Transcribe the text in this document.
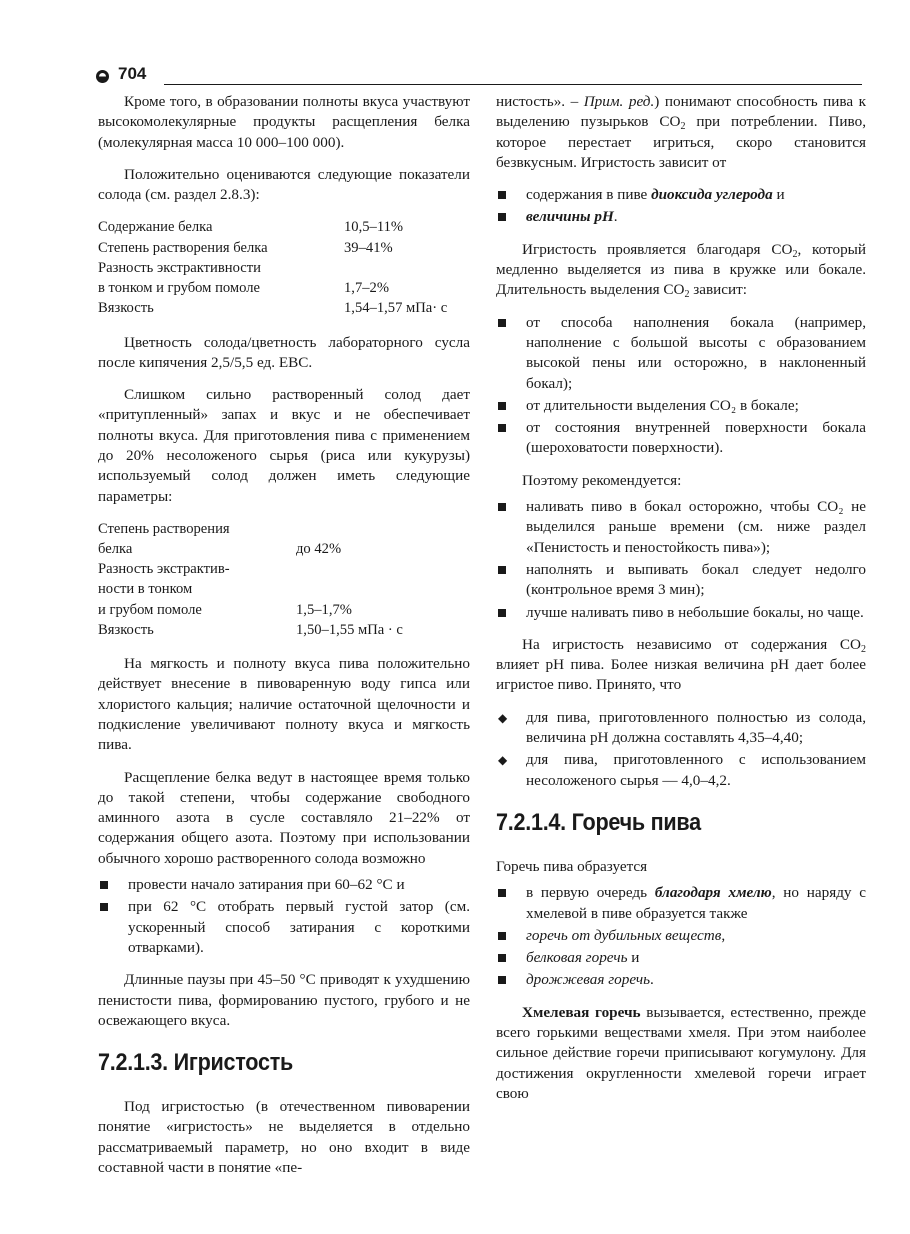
704

Кроме того, в образовании полноты вкуса участвуют высокомолекулярные продукты расщепления белка (молекулярная масса 10 000–100 000).

Положительно оцениваются следующие показатели солода (см. раздел 2.8.3):

Содержание белка	10,5–11%
Степень растворения белка	39–41%
Разность экстрактивности	
в тонком и грубом помоле	1,7–2%
Вязкость	1,54–1,57 мПа· с

Цветность солода/цветность лабораторного сусла после кипячения 2,5/5,5 ед. EBC.

Слишком сильно растворенный солод дает «притупленный» запах и вкус и не обеспечивает полноты вкуса. Для приготовления пива с применением до 20% несоложеного сырья (риса или кукурузы) используемый солод должен иметь следующие параметры:

Степень растворения	
белка	до 42%
Разность экстрактив-	
ности в тонком	
и грубом помоле	1,5–1,7%
Вязкость	1,50–1,55 мПа · с

На мягкость и полноту вкуса пива положительно действует внесение в пивоваренную воду гипса или хлористого кальция; наличие остаточной щелочности и подкисление увеличивают полноту вкуса и мягкость пива.

Расщепление белка ведут в настоящее время только до такой степени, чтобы содержание свободного аминного азота в сусле составляло 21–22% от содержания общего азота. Поэтому при использовании обычного хорошо растворенного солода возможно

провести начало затирания при 60–62 °C и
при 62 °C отобрать первый густой затор (см. ускоренный способ затирания с короткими отварками).

Длинные паузы при 45–50 °C приводят к ухудшению пенистости пива, формированию пустого, грубого и не освежающего вкуса.

7.2.1.3. Игристость

Под игристостью (в отечественном пивоварении понятие «игристость» не выделяется в отдельно рассматриваемый параметр, но оно входит в виде составной части в понятие «пе-

нистость». – Прим. ред.) понимают способность пива к выделению пузырьков $CO_2$ при потреблении. Пиво, которое перестает игриться, скоро становится безвкусным. Игристость зависит от

содержания в пиве диоксида углерода и
величины pH.

Игристость проявляется благодаря $CO_2$, который медленно выделяется из пива в кружке или бокале. Длительность выделения $CO_2$ зависит:

от способа наполнения бокала (например, наполнение с большой высоты с образованием высокой пены или осторожно, в наклоненный бокал);
от длительности выделения CO₂ в бокале;
от состояния внутренней поверхности бокала (шероховатости поверхности).

Поэтому рекомендуется:

наливать пиво в бокал осторожно, чтобы CO₂ не выделился раньше времени (см. ниже раздел «Пенистость и пеностойкость пива»);
наполнять и выпивать бокал следует недолго (контрольное время 3 мин);
лучше наливать пиво в небольшие бокалы, но чаще.

На игристость независимо от содержания $CO_2$ влияет pH пива. Более низкая величина pH дает более игристое пиво. Принято, что

для пива, приготовленного полностью из солода, величина pH должна составлять 4,35–4,40;
для пива, приготовленного с использованием несоложеного сырья — 4,0–4,2.
7.2.1.4. Горечь пива

Горечь пива образуется

в первую очередь благодаря хмелю, но наряду с хмелевой в пиве образуется также
горечь от дубильных веществ,
белковая горечь и
дрожжевая горечь.

Хмелевая горечь вызывается, естественно, прежде всего горькими веществами хмеля. При этом наиболее сильное действие горечи приписывают когумулону. Для достижения округленности хмелевой горечи играет свою
